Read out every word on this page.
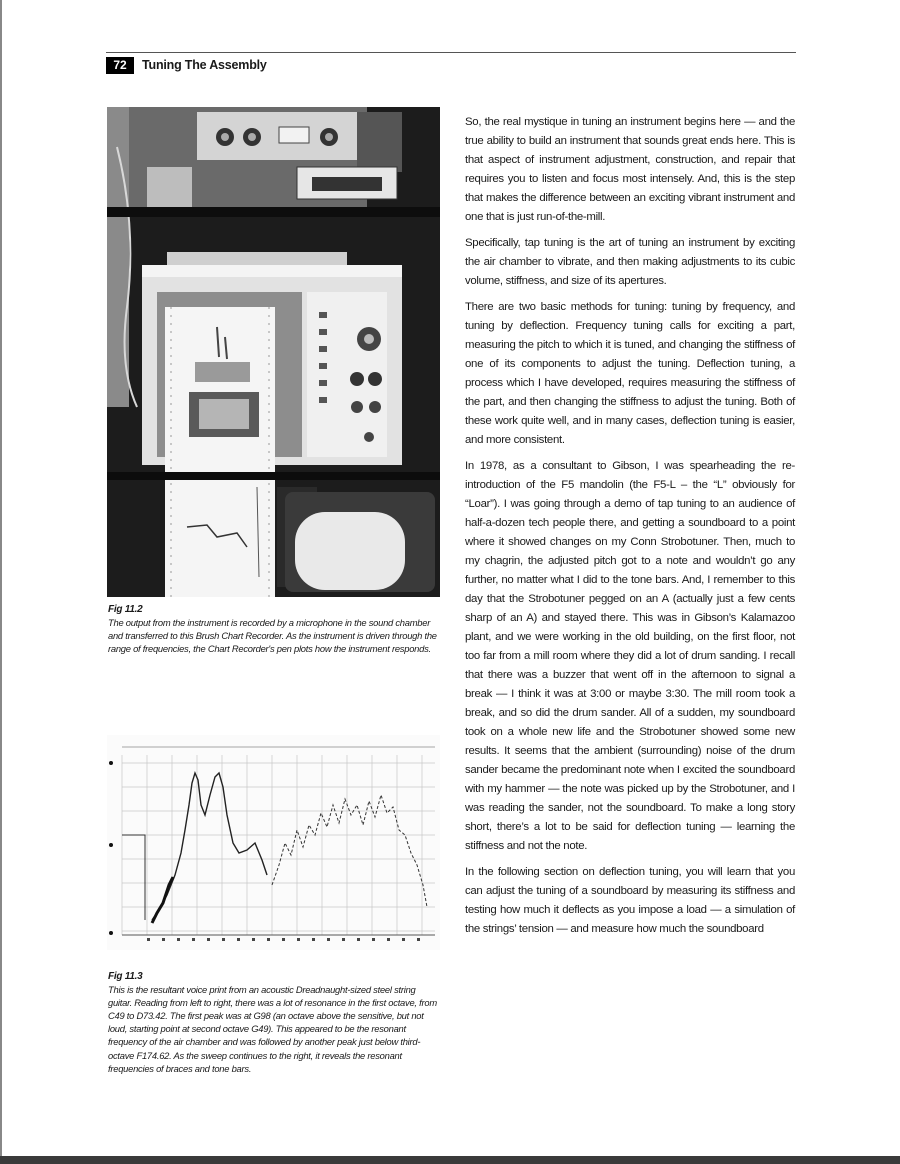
72	Tuning The Assembly
Fig 11.2
The output from the instrument is recorded by a microphone in the sound chamber and transferred to this Brush Chart Recorder. As the instrument is driven through the range of frequencies, the Chart Recorder's pen plots how the instrument responds.
Fig 11.3
This is the resultant voice print from an acoustic Dreadnaught-sized steel string guitar. Reading from left to right, there was a lot of resonance in the first octave, from C49 to D73.42. The first peak was at G98 (an octave above the sensitive, but not loud, starting point at second octave G49). This appeared to be the resonant frequency of the air chamber and was followed by another peak just below third-octave F174.62. As the sweep continues to the right, it reveals the resonant frequencies of braces and tone bars.

So, the real mystique in tuning an instrument begins here — and the true ability to build an instrument that sounds great ends here. This is that aspect of instrument adjustment, construction, and repair that requires you to listen and focus most intensely. And, this is the step that makes the difference between an exciting vibrant instrument and one that is just run-of-the-mill.

Specifically, tap tuning is the art of tuning an instrument by exciting the air chamber to vibrate, and then making adjustments to its cubic volume, stiffness, and size of its apertures.

There are two basic methods for tuning: tuning by frequency, and tuning by deflection. Frequency tuning calls for exciting a part, measuring the pitch to which it is tuned, and changing the stiffness of one of its components to adjust the tuning. Deflection tuning, a process which I have developed, requires measuring the stiffness of the part, and then changing the stiffness to adjust the tuning. Both of these work quite well, and in many cases, deflection tuning is easier, and more consistent.

In 1978, as a consultant to Gibson, I was spearheading the re-introduction of the F5 mandolin (the F5-L – the “L” obviously for “Loar”). I was going through a demo of tap tuning to an audience of half-a-dozen tech people there, and getting a soundboard to a point where it showed changes on my Conn Strobotuner. Then, much to my chagrin, the adjusted pitch got to a note and wouldn’t go any further, no matter what I did to the tone bars. And, I remember to this day that the Strobotuner pegged on an A (actually just a few cents sharp of an A) and stayed there. This was in Gibson’s Kalamazoo plant, and we were working in the old building, on the first floor, not too far from a mill room where they did a lot of drum sanding. I recall that there was a buzzer that went off in the afternoon to signal a break — I think it was at 3:00 or maybe 3:30. The mill room took a break, and so did the drum sander. All of a sudden, my soundboard took on a whole new life and the Strobotuner showed some new results. It seems that the ambient (surrounding) noise of the drum sander became the predominant note when I excited the soundboard with my hammer — the note was picked up by the Strobotuner, and I was reading the sander, not the soundboard. To make a long story short, there’s a lot to be said for deflection tuning — learning the stiffness and not the note.

In the following section on deflection tuning, you will learn that you can adjust the tuning of a soundboard by measuring its stiffness and testing how much it deflects as you impose a load — a simulation of the strings’ tension — and measure how much the soundboard
